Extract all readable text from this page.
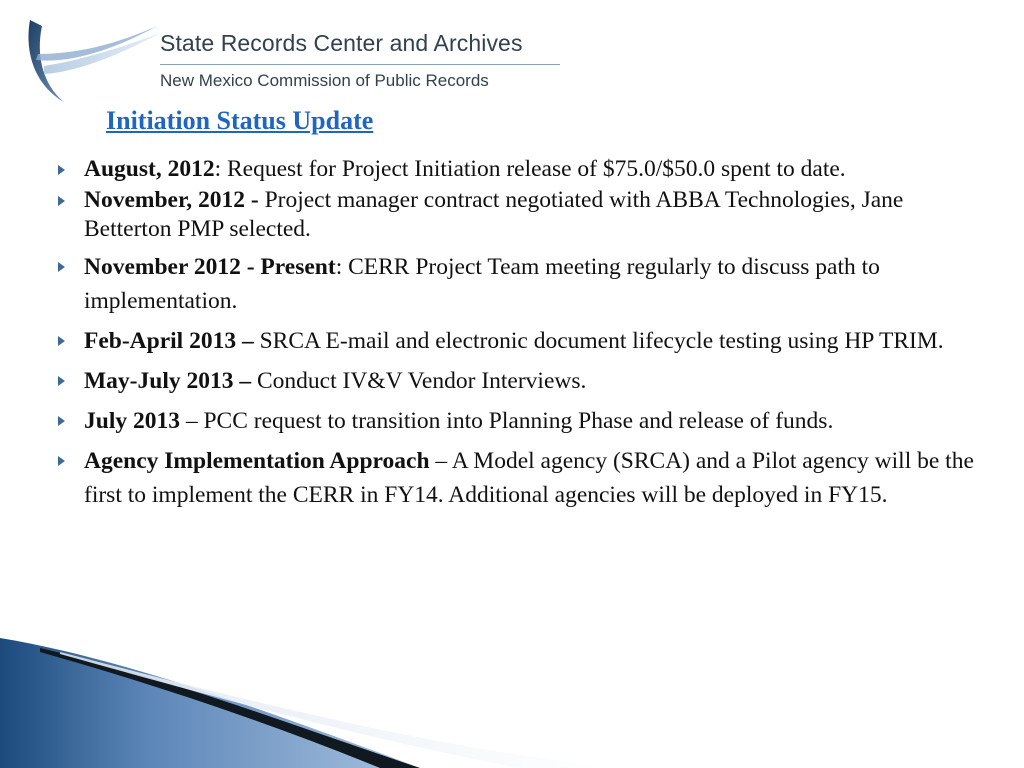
State Records Center and Archives
New Mexico Commission of Public Records
Initiation Status Update
August, 2012: Request for Project Initiation release of $75.0/$50.0 spent to date.
November, 2012 - Project manager contract negotiated with ABBA Technologies, Jane Betterton PMP selected.
November 2012 - Present: CERR Project Team meeting regularly to discuss path to implementation.
Feb-April 2013 – SRCA E-mail and electronic document lifecycle testing using HP TRIM.
May-July 2013 – Conduct IV&V Vendor Interviews.
July 2013 – PCC request to transition into Planning Phase and release of funds.
Agency Implementation Approach – A Model agency (SRCA) and a Pilot agency will be the first to implement the CERR in FY14. Additional agencies will be deployed in FY15.
